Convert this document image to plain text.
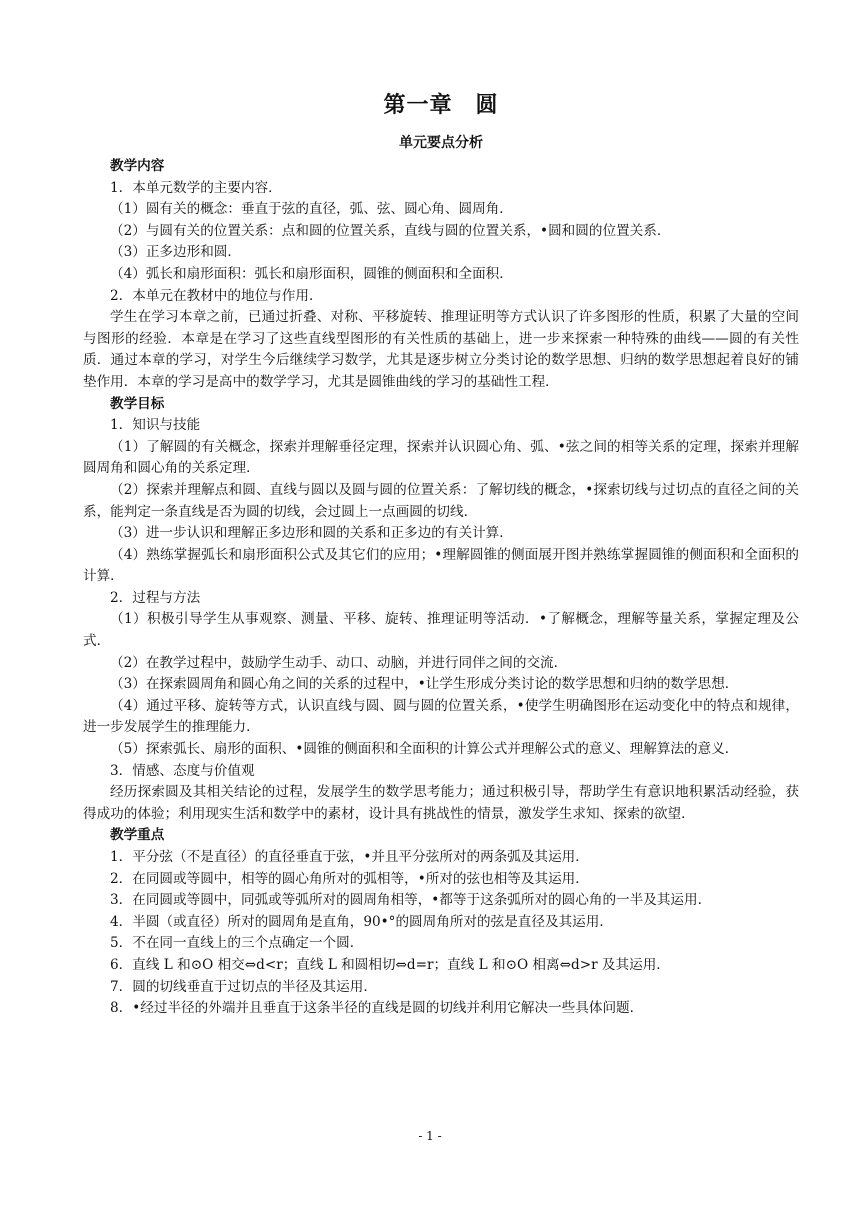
第一章　圆
单元要点分析
教学内容

1．本单元数学的主要内容．

（1）圆有关的概念：垂直于弦的直径，弧、弦、圆心角、圆周角．

（2）与圆有关的位置关系：点和圆的位置关系，直线与圆的位置关系，•圆和圆的位置关系．

（3）正多边形和圆．

（4）弧长和扇形面积：弧长和扇形面积，圆锥的侧面积和全面积．

2．本单元在教材中的地位与作用．

学生在学习本章之前，已通过折叠、对称、平移旋转、推理证明等方式认识了许多图形的性质，积累了大量的空间与图形的经验．本章是在学习了这些直线型图形的有关性质的基础上，进一步来探索一种特殊的曲线——圆的有关性质．通过本章的学习，对学生今后继续学习数学，尤其是逐步树立分类讨论的数学思想、归纳的数学思想起着良好的铺垫作用．本章的学习是高中的数学学习，尤其是圆锥曲线的学习的基础性工程．

教学目标

1．知识与技能

（1）了解圆的有关概念，探索并理解垂径定理，探索并认识圆心角、弧、•弦之间的相等关系的定理，探索并理解圆周角和圆心角的关系定理．

（2）探索并理解点和圆、直线与圆以及圆与圆的位置关系：了解切线的概念，•探索切线与过切点的直径之间的关系，能判定一条直线是否为圆的切线，会过圆上一点画圆的切线．

（3）进一步认识和理解正多边形和圆的关系和正多边的有关计算．

（4）熟练掌握弧长和扇形面积公式及其它们的应用；•理解圆锥的侧面展开图并熟练掌握圆锥的侧面积和全面积的计算．

2．过程与方法

（1）积极引导学生从事观察、测量、平移、旋转、推理证明等活动．•了解概念，理解等量关系，掌握定理及公式．

（2）在教学过程中，鼓励学生动手、动口、动脑，并进行同伴之间的交流．

（3）在探索圆周角和圆心角之间的关系的过程中，•让学生形成分类讨论的数学思想和归纳的数学思想．

（4）通过平移、旋转等方式，认识直线与圆、圆与圆的位置关系，•使学生明确图形在运动变化中的特点和规律，进一步发展学生的推理能力．

（5）探索弧长、扇形的面积、•圆锥的侧面积和全面积的计算公式并理解公式的意义、理解算法的意义．

3．情感、态度与价值观

经历探索圆及其相关结论的过程，发展学生的数学思考能力；通过积极引导，帮助学生有意识地积累活动经验，获得成功的体验；利用现实生活和数学中的素材，设计具有挑战性的情景，激发学生求知、探索的欲望．

教学重点

1．平分弦（不是直径）的直径垂直于弦，•并且平分弦所对的两条弧及其运用．

2．在同圆或等圆中，相等的圆心角所对的弧相等，•所对的弦也相等及其运用．

3．在同圆或等圆中，同弧或等弧所对的圆周角相等，•都等于这条弧所对的圆心角的一半及其运用．

4．半圆（或直径）所对的圆周角是直角，90•°的圆周角所对的弦是直径及其运用．

5．不在同一直线上的三个点确定一个圆．

6．直线 L 和⊙O 相交⇔d<r；直线 L 和圆相切⇔d=r；直线 L 和⊙O 相离⇔d>r 及其运用．

7．圆的切线垂直于过切点的半径及其运用．

8．•经过半径的外端并且垂直于这条半径的直线是圆的切线并利用它解决一些具体问题．

- 1 -
